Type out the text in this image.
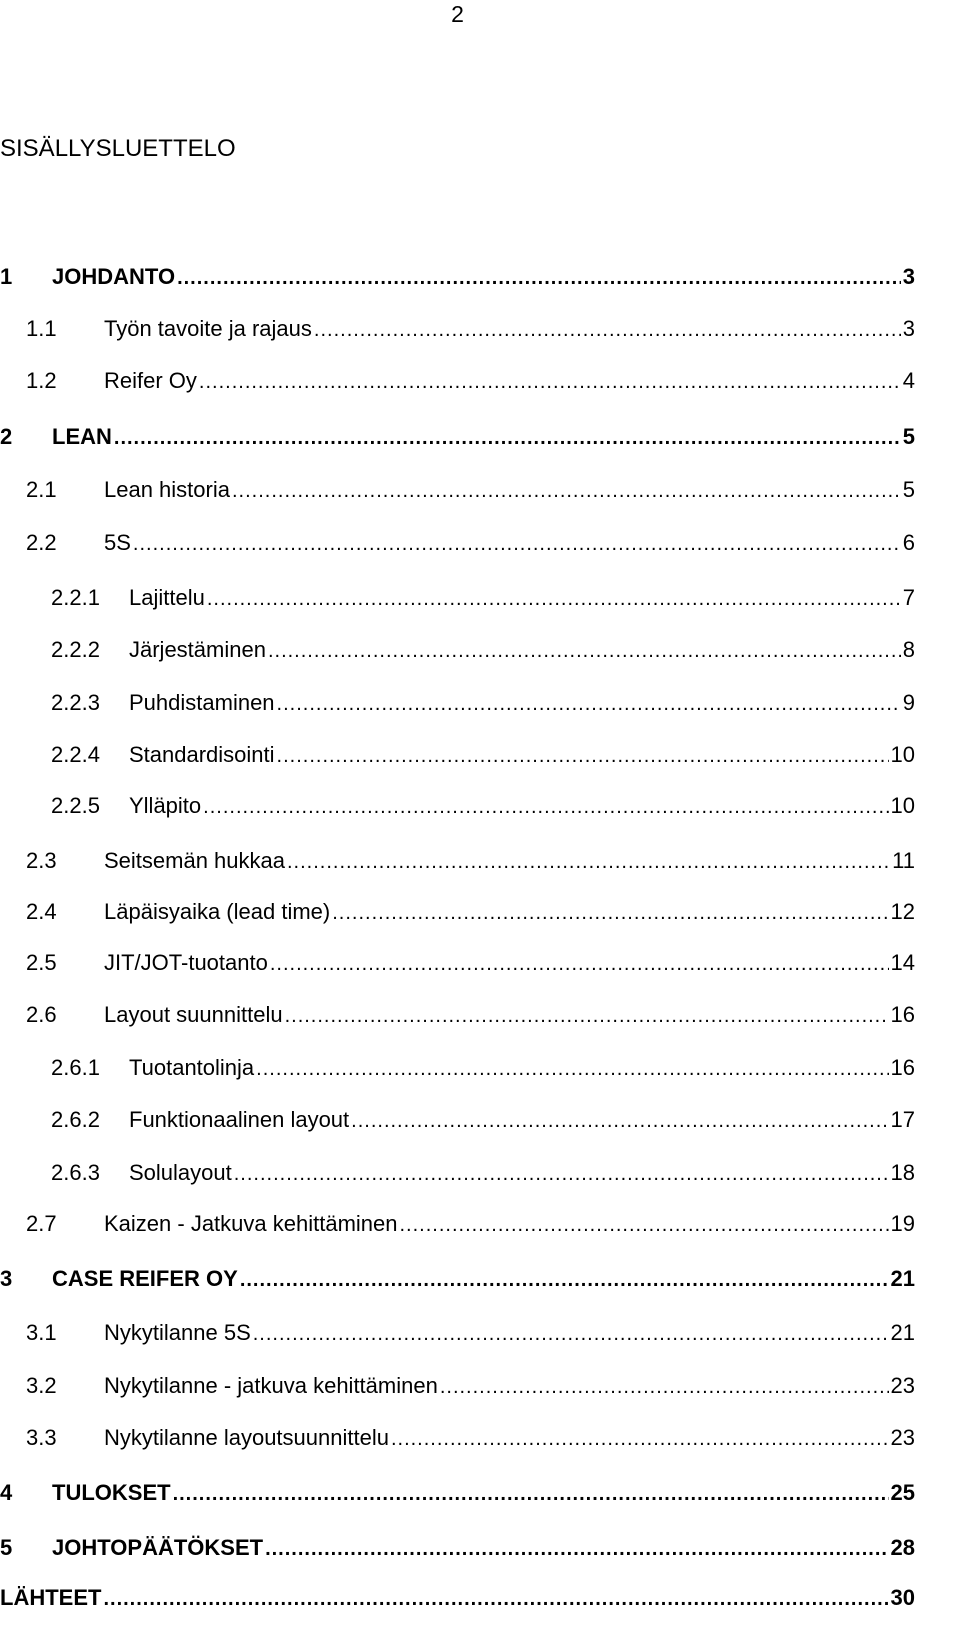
2
SISÄLLYSLUETTELO
1	JOHDANTO .....	3
1.1	Työn tavoite ja rajaus .....	3
1.2	Reifer Oy .....	4
2	LEAN .....	5
2.1	Lean historia .....	5
2.2	5S .....	6
2.2.1	Lajittelu .....	7
2.2.2	Järjestäminen .....	8
2.2.3	Puhdistaminen .....	9
2.2.4	Standardisointi .....	10
2.2.5	Ylläpito .....	10
2.3	Seitsemän hukkaa .....	11
2.4	Läpäisyaika (lead time) .....	12
2.5	JIT/JOT-tuotanto .....	14
2.6	Layout suunnittelu .....	16
2.6.1	Tuotantolinja .....	16
2.6.2	Funktionaalinen layout .....	17
2.6.3	Solulayout .....	18
2.7	Kaizen - Jatkuva kehittäminen .....	19
3	CASE REIFER OY .....	21
3.1	Nykytilanne 5S .....	21
3.2	Nykytilanne - jatkuva kehittäminen .....	23
3.3	Nykytilanne layoutsuunnittelu .....	23
4	TULOKSET .....	25
5	JOHTOPÄÄTÖKSET .....	28
LÄHTEET .....	30
